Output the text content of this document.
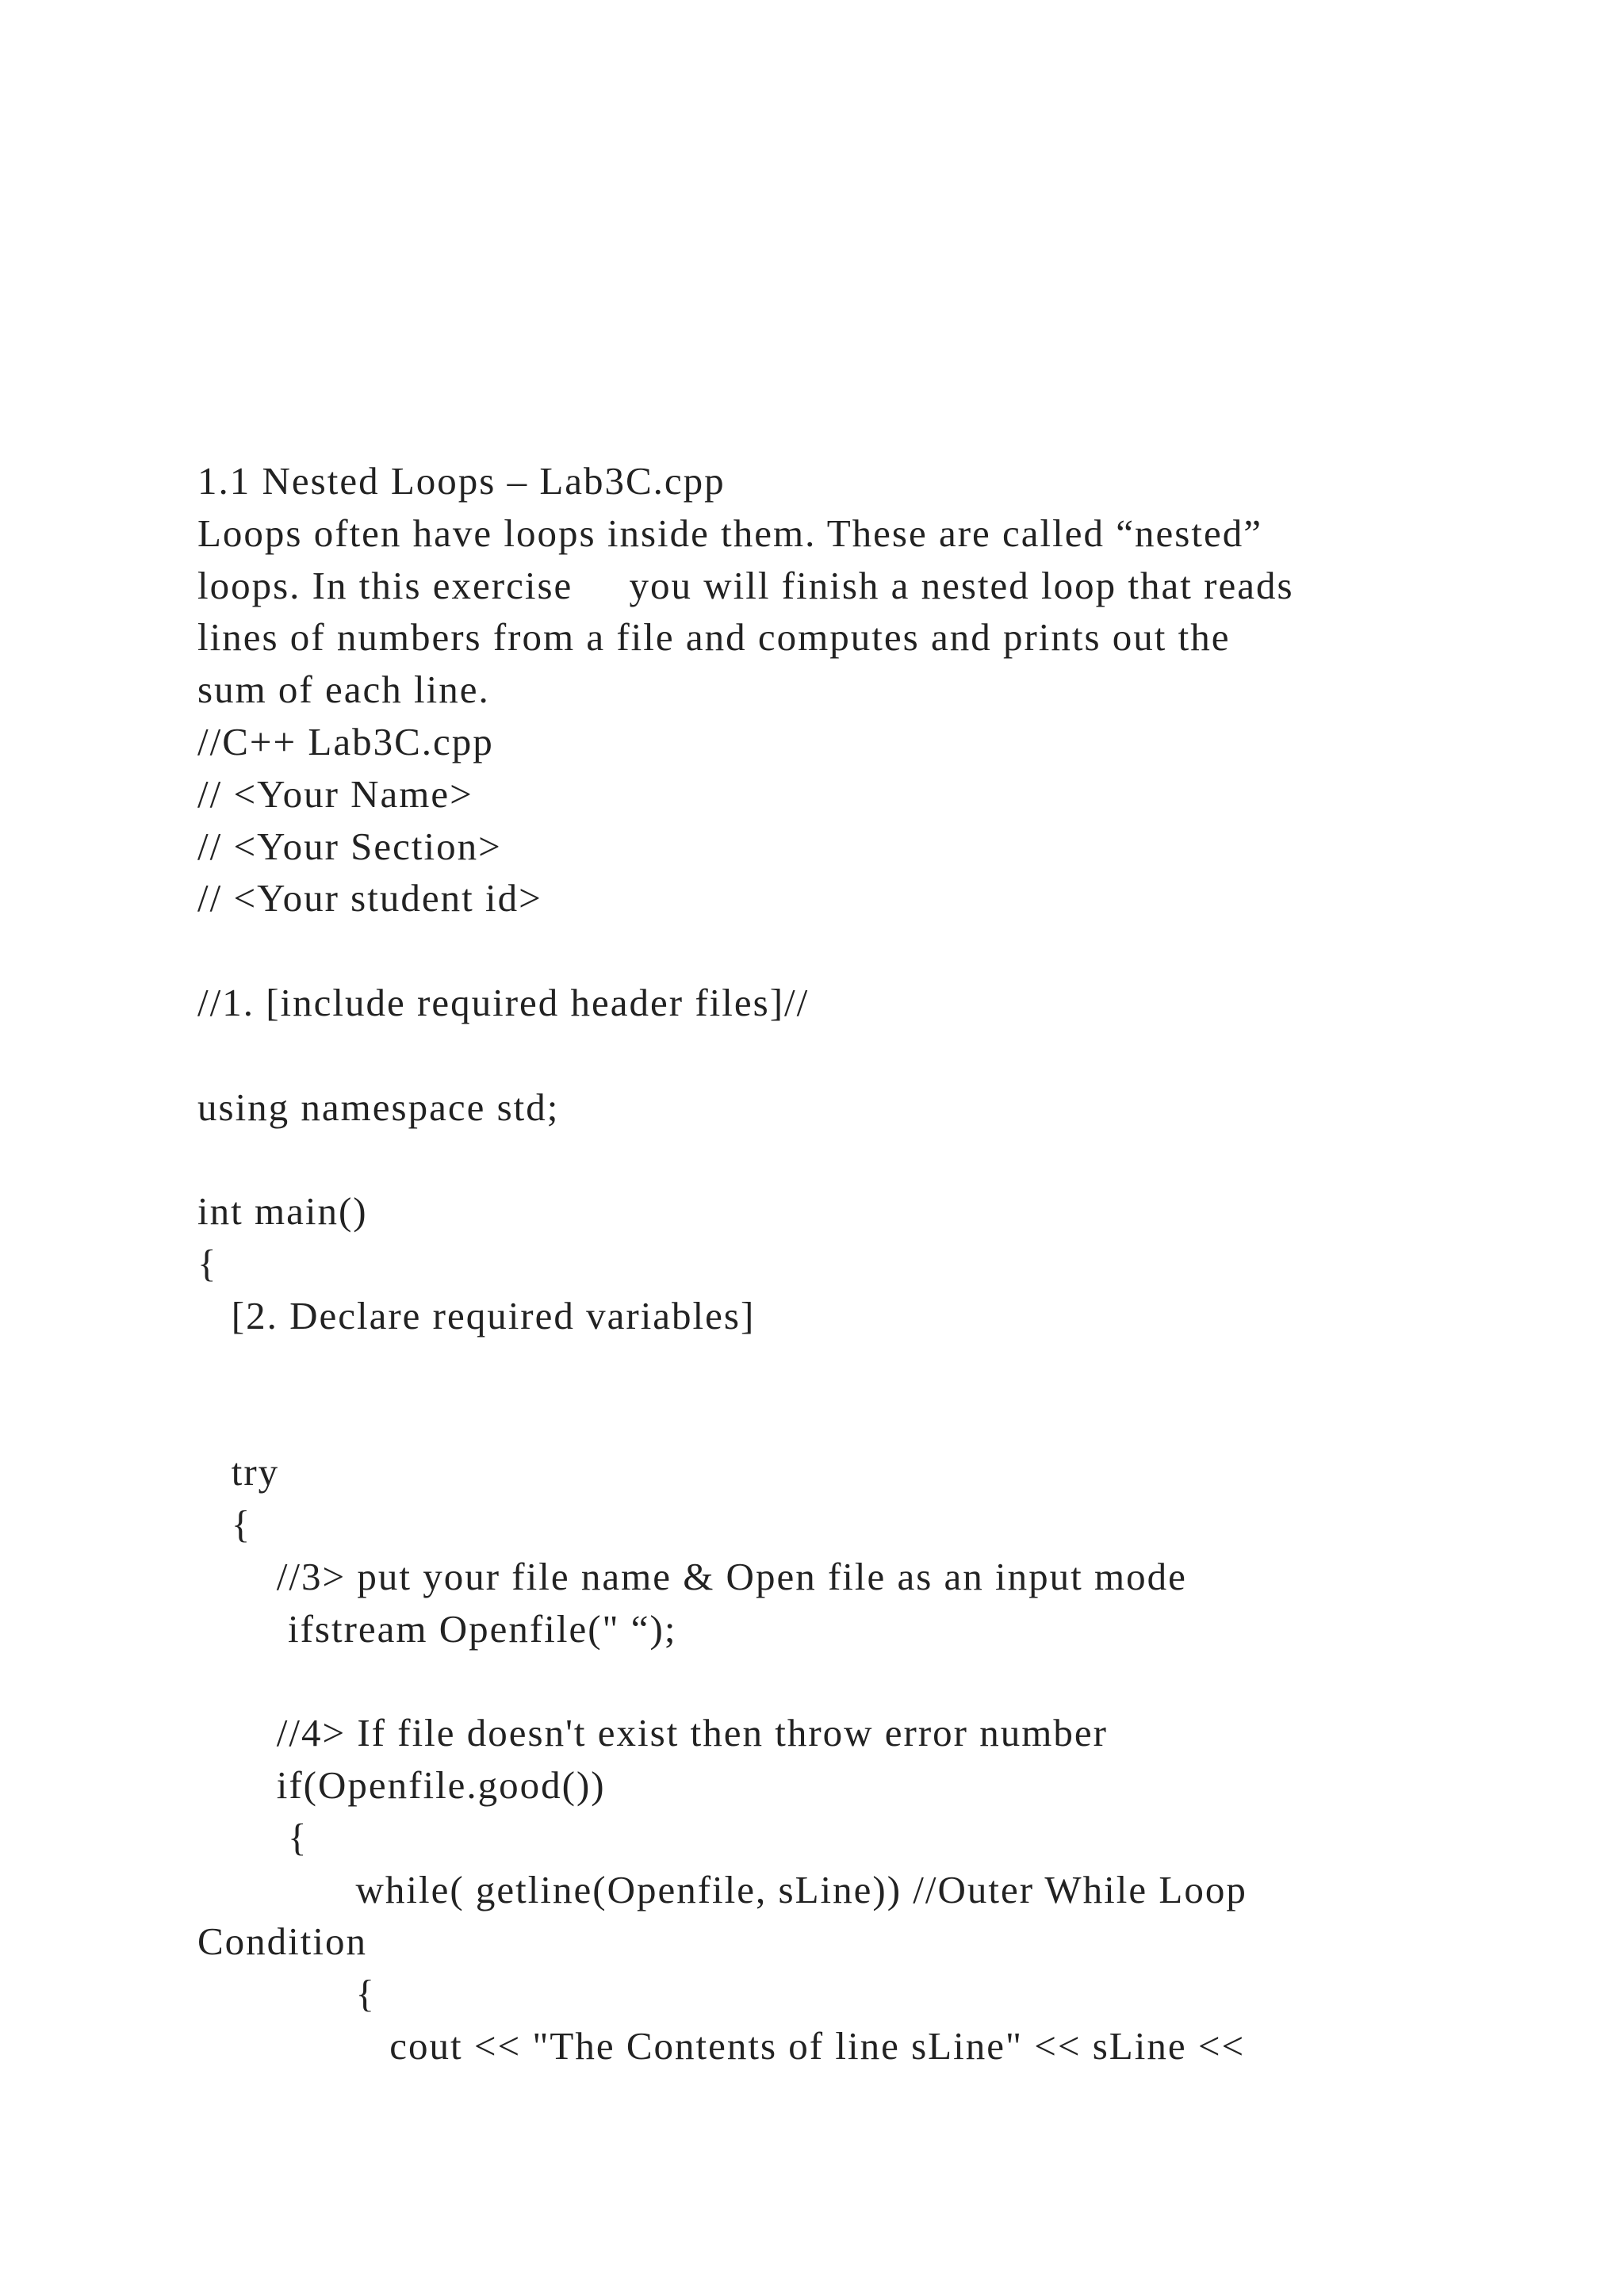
1.1 Nested Loops – Lab3C.cpp
Loops often have loops inside them. These are called “nested”
loops. In this exercise     you will finish a nested loop that reads
lines of numbers from a file and computes and prints out the
sum of each line.
//C++ Lab3C.cpp
// <Your Name>
// <Your Section>
// <Your student id>
//1. [include required header files]//
using namespace std;
int main()
{
[2. Declare required variables]
try
{
//3> put your file name & Open file as an input mode
ifstream Openfile(" “);
//4> If file doesn't exist then throw error number
if(Openfile.good())
{
while( getline(Openfile, sLine)) //Outer While Loop
Condition
{
cout << "The Contents of line sLine" << sLine <<
